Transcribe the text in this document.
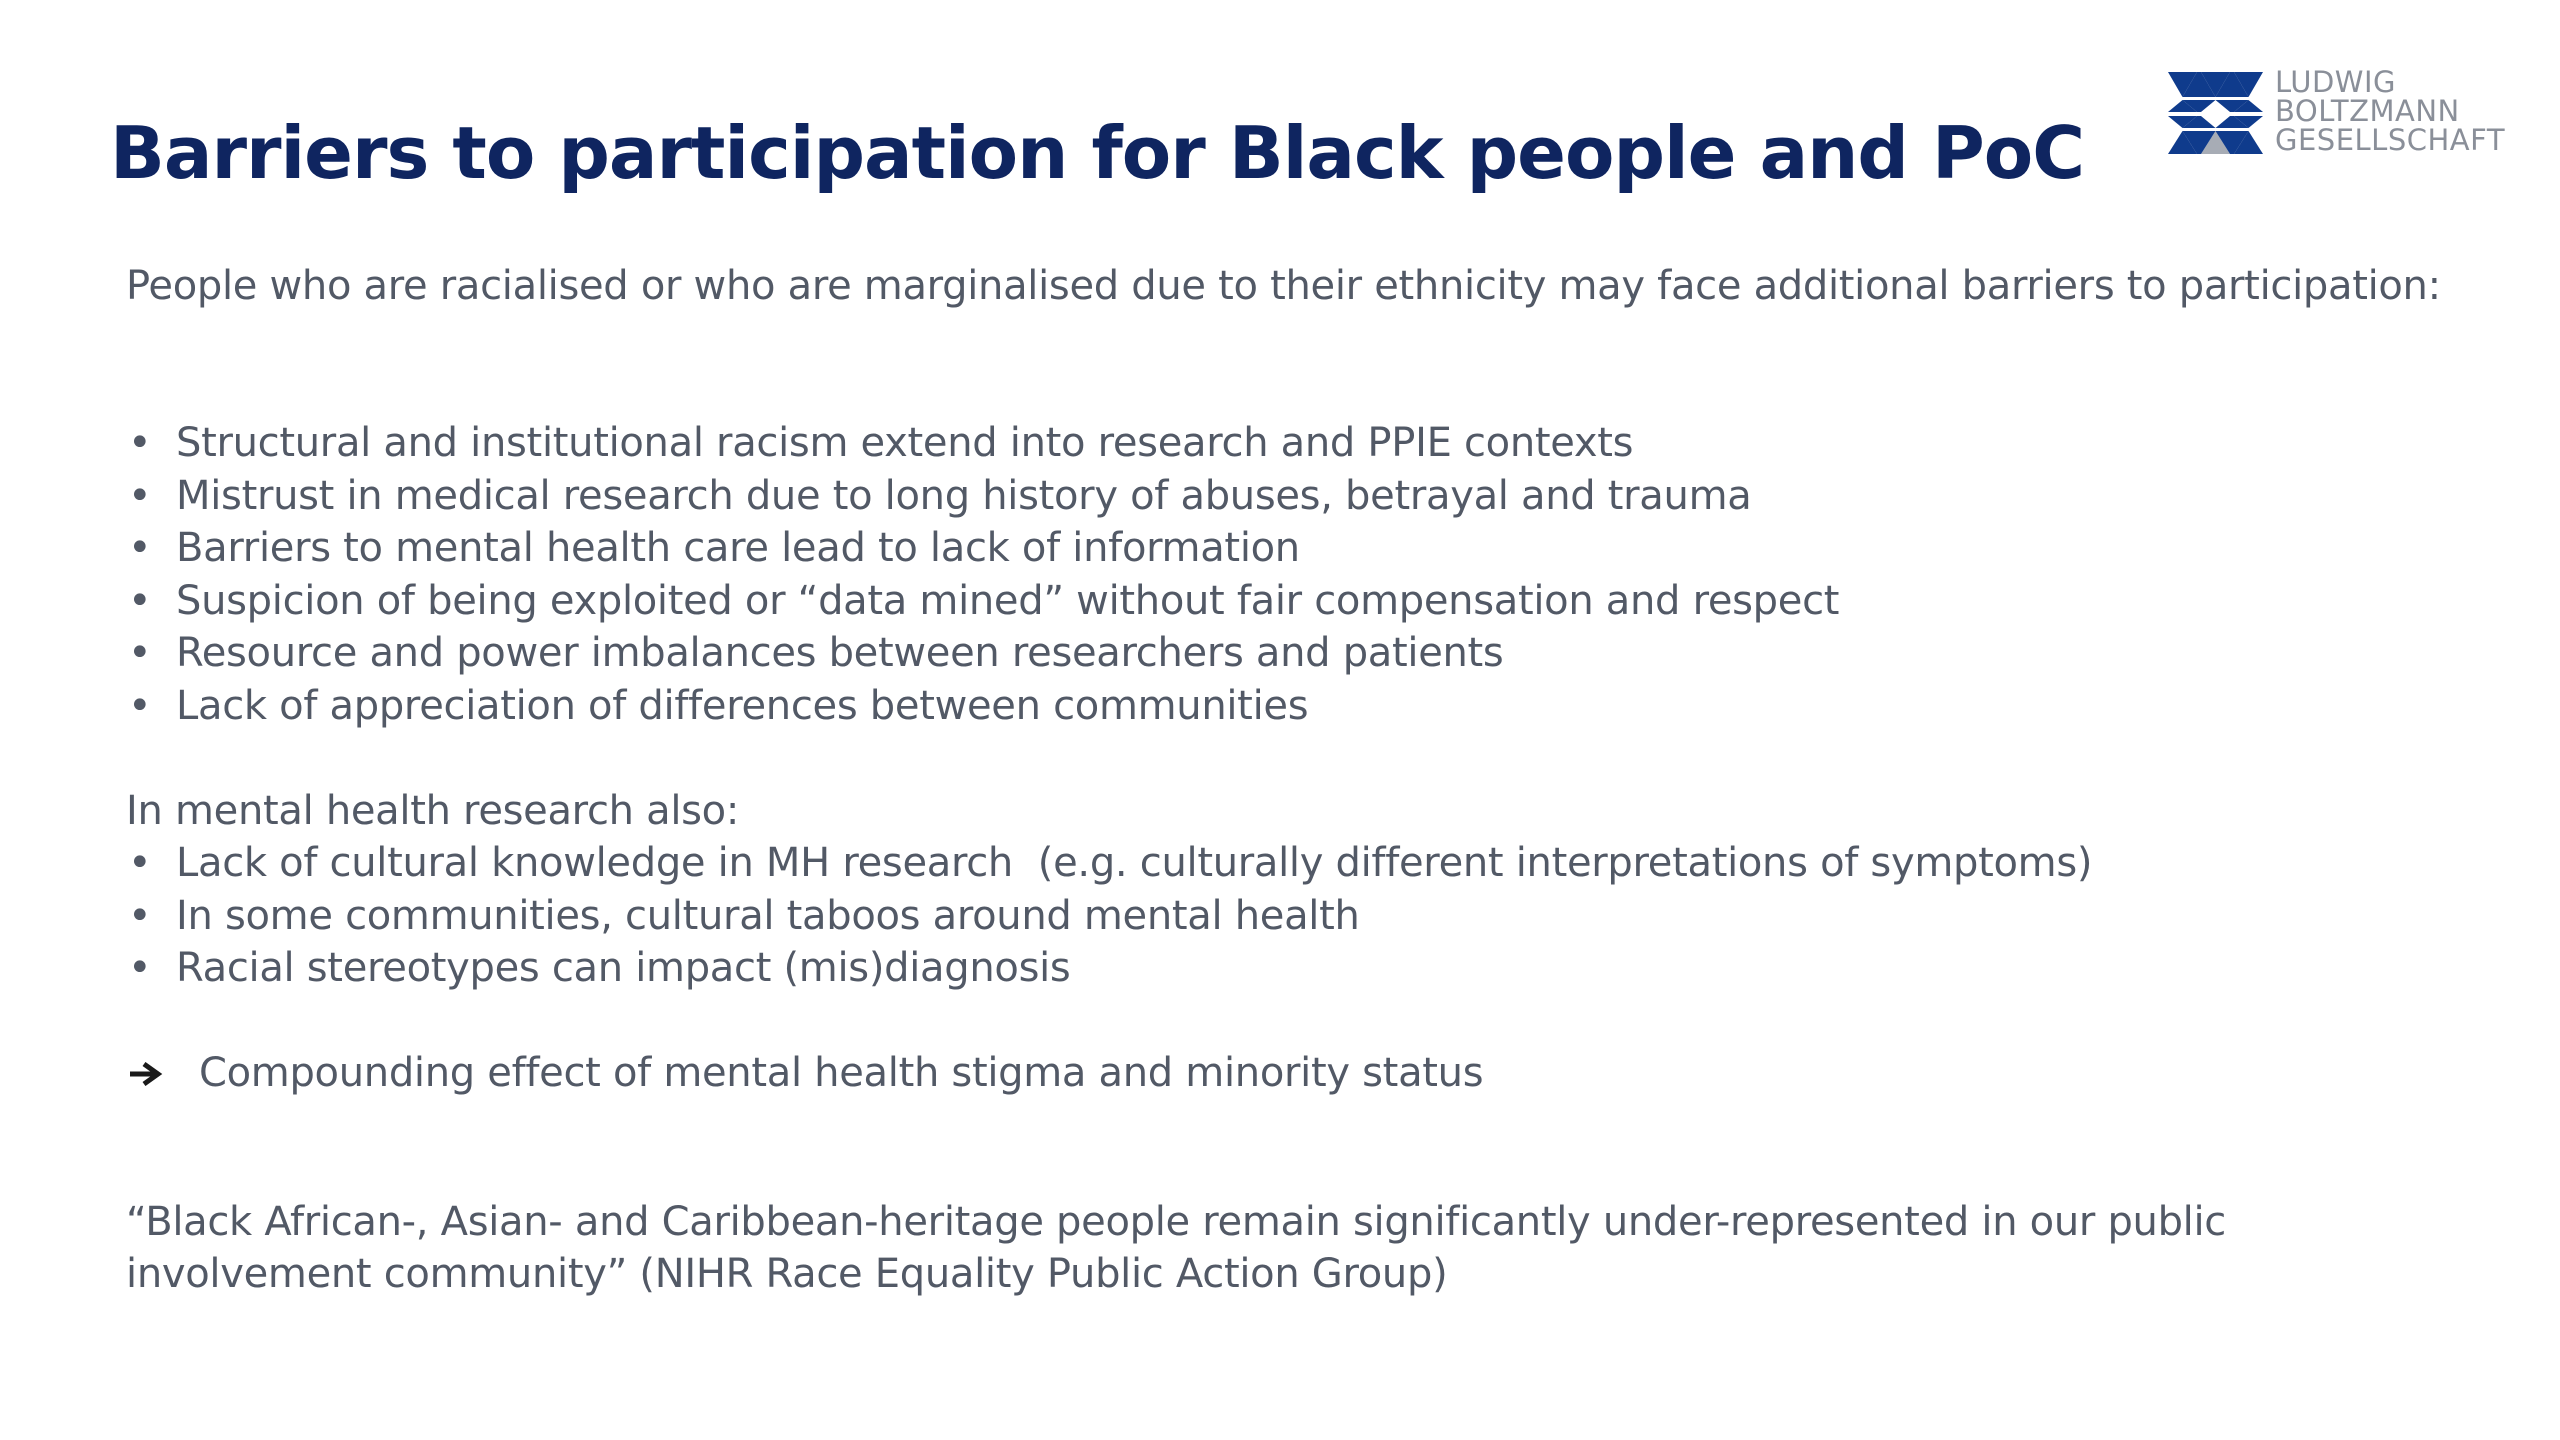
Barriers to participation for Black people and PoC
LUDWIG
BOLTZMANN
GESELLSCHAFT
People who are racialised or who are marginalised due to their ethnicity may face additional barriers to participation:
• Structural and institutional racism extend into research and PPIE contexts
• Mistrust in medical research due to long history of abuses, betrayal and trauma
• Barriers to mental health care lead to lack of information
• Suspicion of being exploited or “data mined” without fair compensation and respect
• Resource and power imbalances between researchers and patients
• Lack of appreciation of differences between communities
In mental health research also:
• Lack of cultural knowledge in MH research  (e.g. culturally different interpretations of symptoms)
• In some communities, cultural taboos around mental health
• Racial stereotypes can impact (mis)diagnosis
Compounding effect of mental health stigma and minority status
“Black African-, Asian- and Caribbean-heritage people remain significantly under-represented in our public
involvement community” (NIHR Race Equality Public Action Group)
